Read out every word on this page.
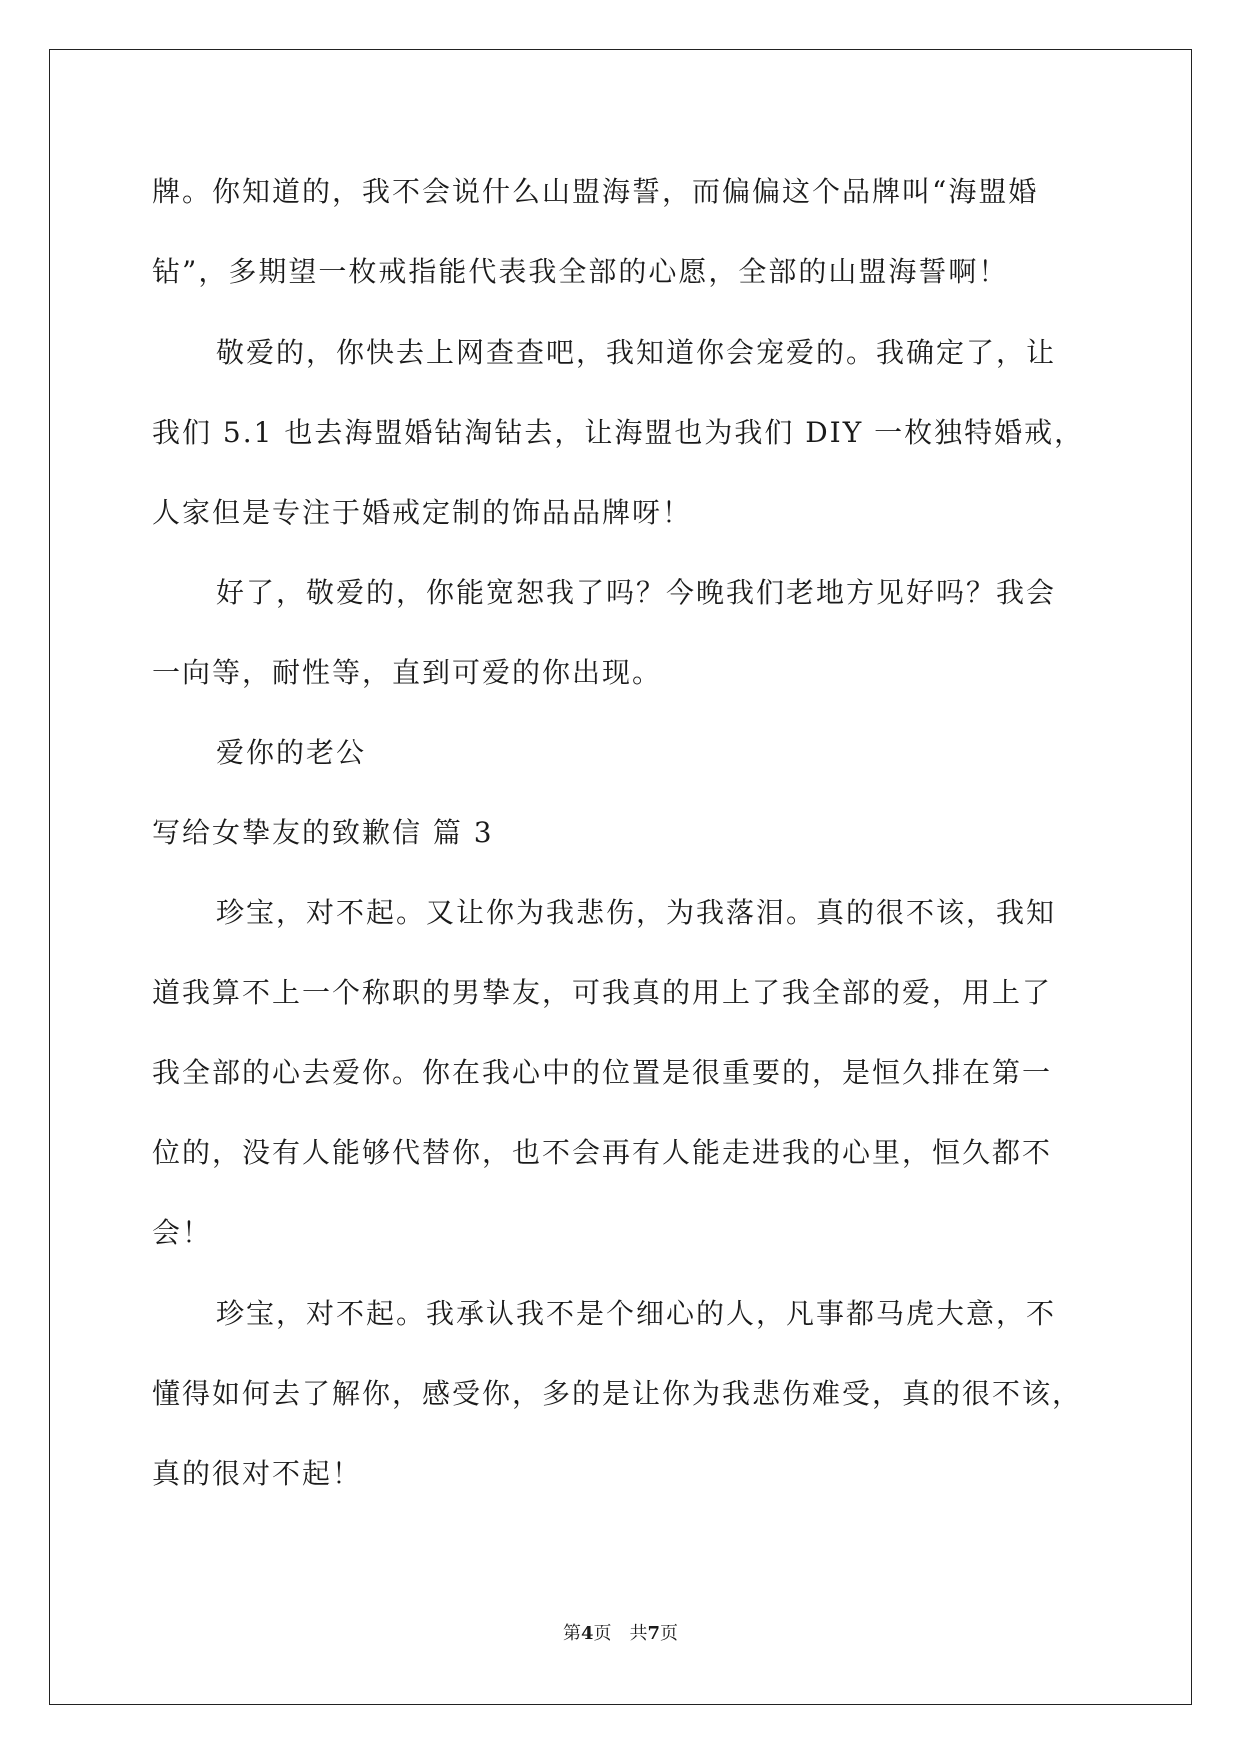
牌。你知道的，我不会说什么山盟海誓，而偏偏这个品牌叫“海盟婚
钻”，多期望一枚戒指能代表我全部的心愿，全部的山盟海誓啊！
敬爱的，你快去上网查查吧，我知道你会宠爱的。我确定了，让
我们 5.1 也去海盟婚钻淘钻去，让海盟也为我们 DIY 一枚独特婚戒，
人家但是专注于婚戒定制的饰品品牌呀！
好了，敬爱的，你能宽恕我了吗？今晚我们老地方见好吗？我会
一向等，耐性等，直到可爱的你出现。
爱你的老公
写给女挚友的致歉信 篇 3
珍宝，对不起。又让你为我悲伤，为我落泪。真的很不该，我知
道我算不上一个称职的男挚友，可我真的用上了我全部的爱，用上了
我全部的心去爱你。你在我心中的位置是很重要的，是恒久排在第一
位的，没有人能够代替你，也不会再有人能走进我的心里，恒久都不
会！
珍宝，对不起。我承认我不是个细心的人，凡事都马虎大意，不
懂得如何去了解你，感受你，多的是让你为我悲伤难受，真的很不该，
真的很对不起！
第4页 共7页
